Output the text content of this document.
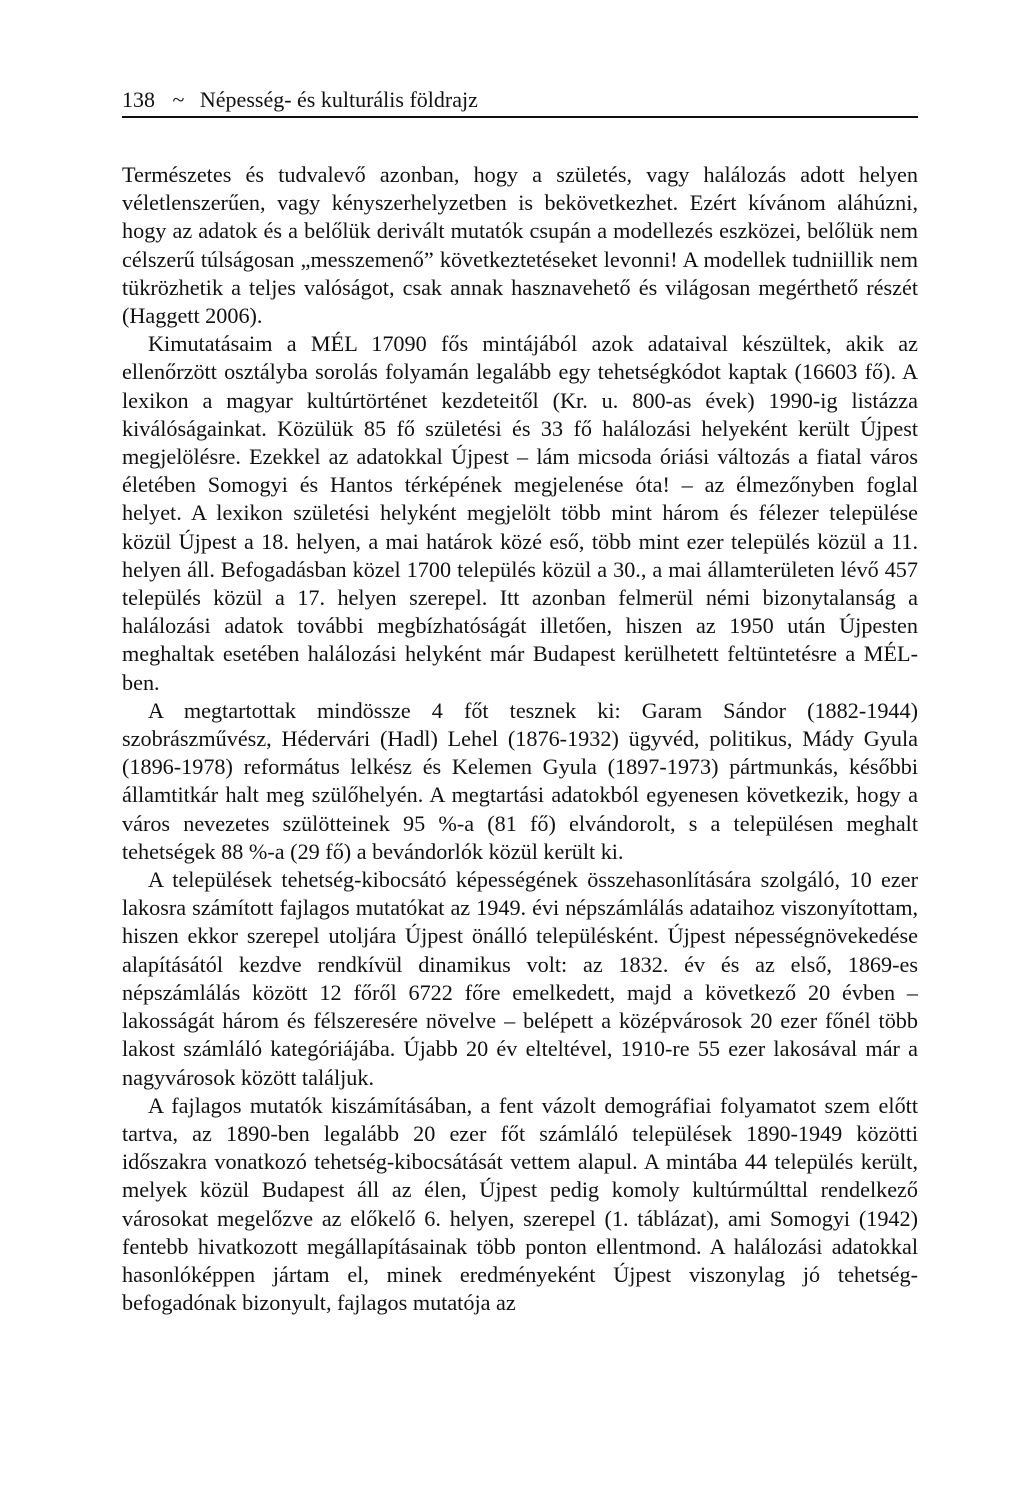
138 ~ Népesség- és kulturális földrajz

Természetes és tudvalevő azonban, hogy a születés, vagy halálozás adott helyen véletlenszerűen, vagy kényszerhelyzetben is bekövetkezhet. Ezért kívánom aláhúzni, hogy az adatok és a belőlük derivált mutatók csupán a modellezés eszközei, belőlük nem célszerű túlságosan „messzemenő” következtetéseket levonni! A modellek tudniillik nem tükrözhetik a teljes valóságot, csak annak hasznavehető és világosan megérthető részét (Haggett 2006).

Kimutatásaim a MÉL 17090 fős mintájából azok adataival készültek, akik az ellenőrzött osztályba sorolás folyamán legalább egy tehetségkódot kaptak (16603 fő). A lexikon a magyar kultúrtörténet kezdeteitől (Kr. u. 800-as évek) 1990-ig listázza kiválóságainkat. Közülük 85 fő születési és 33 fő halálozási helyeként került Újpest megjelölésre. Ezekkel az adatokkal Újpest – lám micsoda óriási változás a fiatal város életében Somogyi és Hantos térképének megjelenése óta! – az élmezőnyben foglal helyet. A lexikon születési helyként megjelölt több mint három és félezer települése közül Újpest a 18. helyen, a mai határok közé eső, több mint ezer település közül a 11. helyen áll. Befogadásban közel 1700 település közül a 30., a mai államterületen lévő 457 település közül a 17. helyen szerepel. Itt azonban felmerül némi bizonytalanság a halálozási adatok további megbízhatóságát illetően, hiszen az 1950 után Újpesten meghaltak esetében halálozási helyként már Budapest kerülhetett feltüntetésre a MÉL-ben.

A megtartottak mindössze 4 főt tesznek ki: Garam Sándor (1882-1944) szobrászművész, Hédervári (Hadl) Lehel (1876-1932) ügyvéd, politikus, Mády Gyula (1896-1978) református lelkész és Kelemen Gyula (1897-1973) pártmunkás, későbbi államtitkár halt meg szülőhelyén. A megtartási adatokból egyenesen következik, hogy a város nevezetes szülötteinek 95 %-a (81 fő) elvándorolt, s a településen meghalt tehetségek 88 %-a (29 fő) a bevándorlók közül került ki.

A települések tehetség-kibocsátó képességének összehasonlítására szolgáló, 10 ezer lakosra számított fajlagos mutatókat az 1949. évi népszámlálás adataihoz viszonyítottam, hiszen ekkor szerepel utoljára Újpest önálló településként. Újpest népességnövekedése alapításától kezdve rendkívül dinamikus volt: az 1832. év és az első, 1869-es népszámlálás között 12 főről 6722 főre emelkedett, majd a következő 20 évben – lakosságát három és félszeresére növelve – belépett a középvárosok 20 ezer főnél több lakost számláló kategóriájába. Újabb 20 év elteltével, 1910-re 55 ezer lakosával már a nagyvárosok között találjuk.

A fajlagos mutatók kiszámításában, a fent vázolt demográfiai folyamatot szem előtt tartva, az 1890-ben legalább 20 ezer főt számláló települések 1890-1949 közötti időszakra vonatkozó tehetség-kibocsátását vettem alapul. A mintába 44 település került, melyek közül Budapest áll az élen, Újpest pedig komoly kultúrmúlttal rendelkező városokat megelőzve az előkelő 6. helyen, szerepel (1. táblázat), ami Somogyi (1942) fentebb hivatkozott megállapításainak több ponton ellentmond. A halálozási adatokkal hasonlóképpen jártam el, minek eredményeként Újpest viszonylag jó tehetség-befogadónak bizonyult, fajlagos mutatója az
